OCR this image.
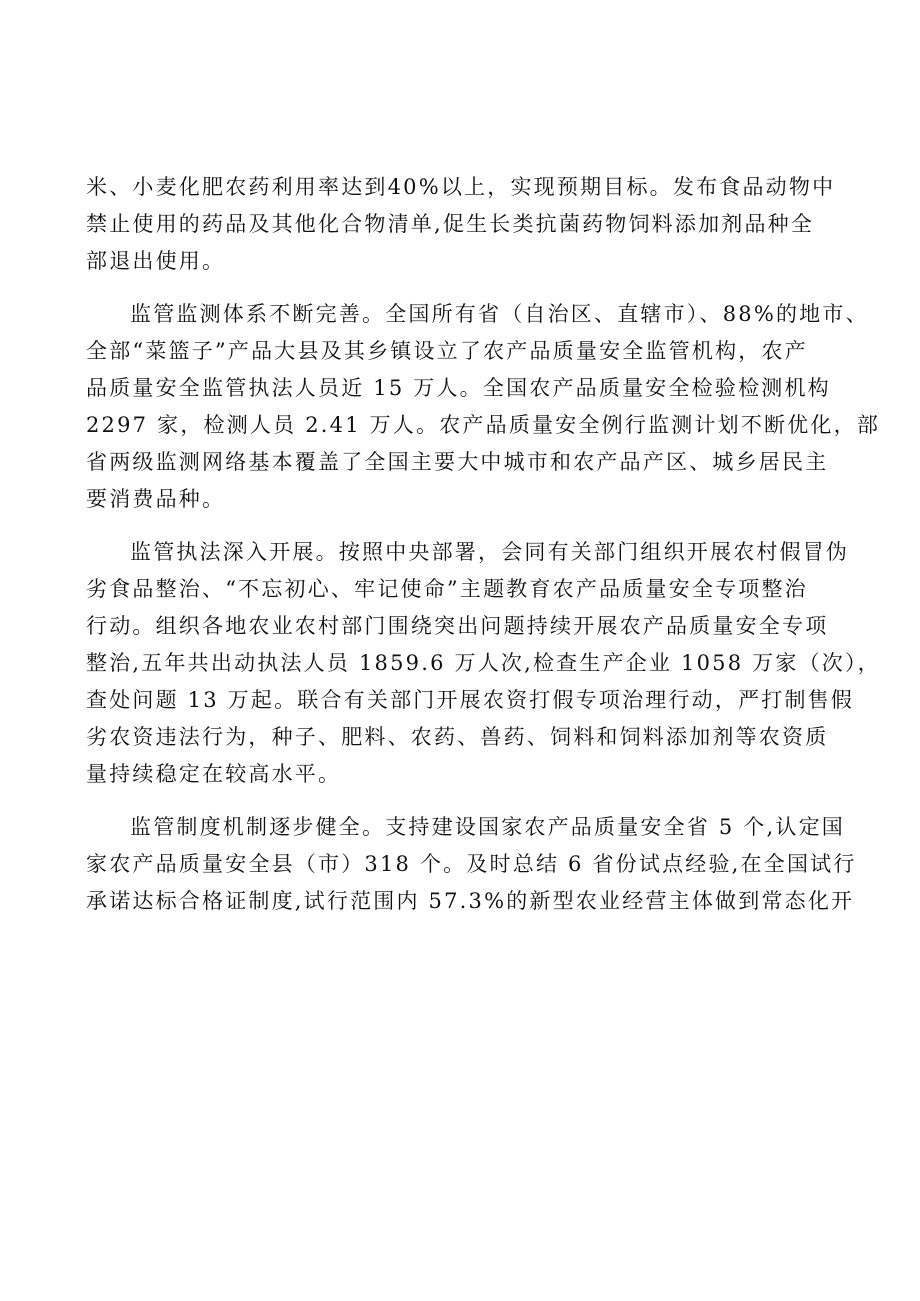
米、小麦化肥农药利用率达到40%以上，实现预期目标。发布食品动物中
禁止使用的药品及其他化合物清单,促生长类抗菌药物饲料添加剂品种全
部退出使用。
监管监测体系不断完善。全国所有省（自治区、直辖市）、88%的地市、
全部“菜篮子”产品大县及其乡镇设立了农产品质量安全监管机构，农产
品质量安全监管执法人员近 15 万人。全国农产品质量安全检验检测机构
2297 家，检测人员 2.41 万人。农产品质量安全例行监测计划不断优化，部
省两级监测网络基本覆盖了全国主要大中城市和农产品产区、城乡居民主
要消费品种。
监管执法深入开展。按照中央部署，会同有关部门组织开展农村假冒伪
劣食品整治、“不忘初心、牢记使命”主题教育农产品质量安全专项整治
行动。组织各地农业农村部门围绕突出问题持续开展农产品质量安全专项
整治,五年共出动执法人员 1859.6 万人次,检查生产企业 1058 万家（次），
查处问题 13 万起。联合有关部门开展农资打假专项治理行动，严打制售假
劣农资违法行为，种子、肥料、农药、兽药、饲料和饲料添加剂等农资质
量持续稳定在较高水平。
监管制度机制逐步健全。支持建设国家农产品质量安全省 5 个,认定国
家农产品质量安全县（市）318 个。及时总结 6 省份试点经验,在全国试行
承诺达标合格证制度,试行范围内 57.3%的新型农业经营主体做到常态化开
